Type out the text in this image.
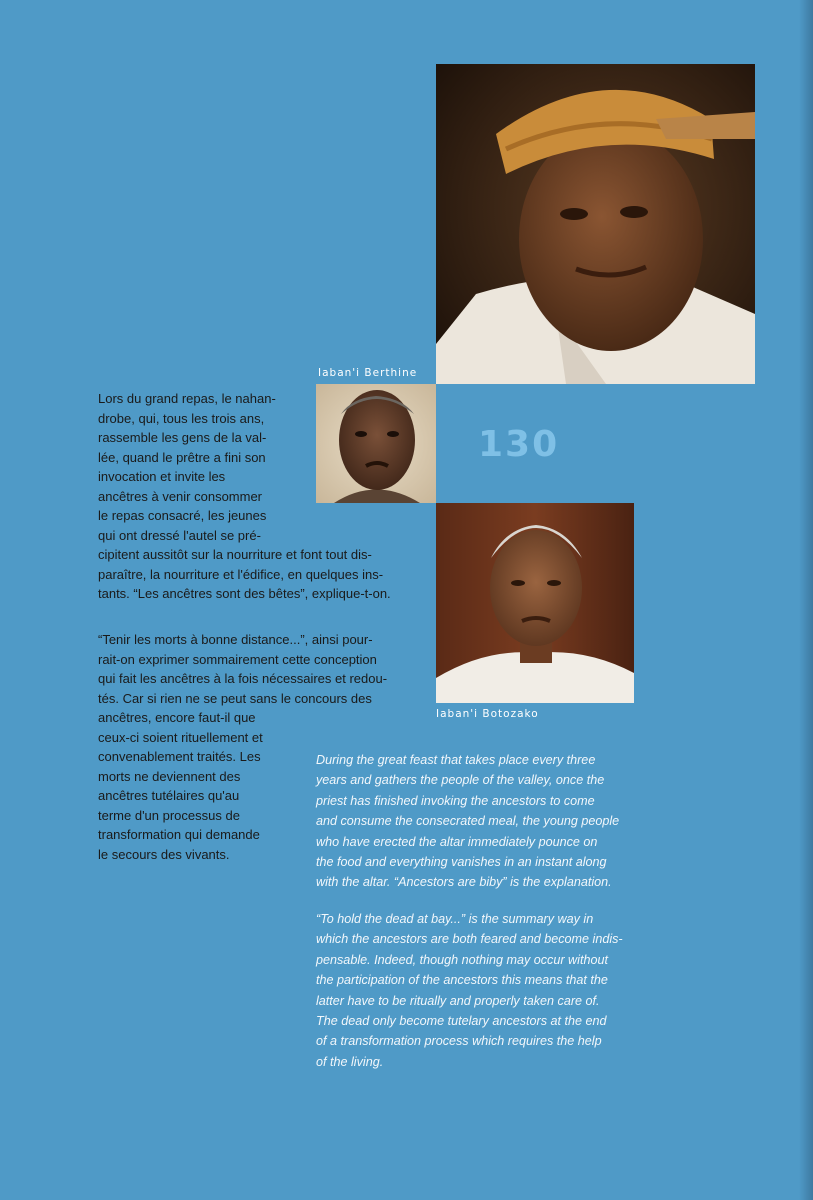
Iaban'i Berthine
Iaban'i Botozako
130
Lors du grand repas, le nahan-
drobe, qui, tous les trois ans,
rassemble les gens de la val-
lée, quand le prêtre a fini son
invocation et invite les
ancêtres à venir consommer
le repas consacré, les jeunes
qui ont dressé l'autel se pré-
cipitent aussitôt sur la nourriture et font tout dis-
paraître, la nourriture et l'édifice, en quelques ins-
tants. “Les ancêtres sont des bêtes”, explique-t-on.
“Tenir les morts à bonne distance...”, ainsi pour-
rait-on exprimer sommairement cette conception
qui fait les ancêtres à la fois nécessaires et redou-
tés. Car si rien ne se peut sans le concours des
ancêtres, encore faut-il que
ceux-ci soient rituellement et
convenablement traités. Les
morts ne deviennent des
ancêtres tutélaires qu'au
terme d'un processus de
transformation qui demande
le secours des vivants.
During the great feast that takes place every three
years and gathers the people of the valley, once the
priest has finished invoking the ancestors to come
and consume the consecrated meal, the young people
who have erected the altar immediately pounce on
the food and everything vanishes in an instant along
with the altar. “Ancestors are biby” is the explanation.
“To hold the dead at bay...” is the summary way in
which the ancestors are both feared and become indis-
pensable. Indeed, though nothing may occur without
the participation of the ancestors this means that the
latter have to be ritually and properly taken care of.
The dead only become tutelary ancestors at the end
of a transformation process which requires the help
of the living.
